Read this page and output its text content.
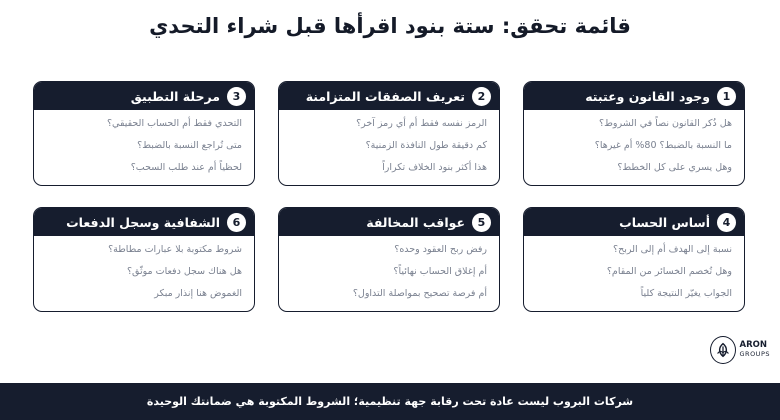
قائمة تحقق: ستة بنود اقرأها قبل شراء التحدي
1
وجود القانون وعتبته
هل ذُكر القانون نصاً في الشروط؟
ما النسبة بالضبط؟ 80% أم غيرها؟
وهل يسري على كل الخطط؟
2
تعريف الصفقات المتزامنة
الرمز نفسه فقط أم أي رمز آخر؟
كم دقيقة طول النافذة الزمنية؟
هذا أكثر بنود الخلاف تكراراً
3
مرحلة التطبيق
التحدي فقط أم الحساب الحقيقي؟
متى تُراجع النسبة بالضبط؟
لحظياً أم عند طلب السحب؟
4
أساس الحساب
نسبة إلى الهدف أم إلى الربح؟
وهل تُخصم الخسائر من المقام؟
الجواب يغيّر النتيجة كلياً
5
عواقب المخالفة
رفض ربح العقود وحده؟
أم إغلاق الحساب نهائياً؟
أم فرصة تصحيح بمواصلة التداول؟
6
الشفافية وسجل الدفعات
شروط مكتوبة بلا عبارات مطاطة؟
هل هناك سجل دفعات موثّق؟
الغموض هنا إنذار مبكر
ARON
GROUPS
شركات البروب ليست عادة تحت رقابة جهة تنظيمية؛ الشروط المكتوبة هي ضمانتك الوحيدة
